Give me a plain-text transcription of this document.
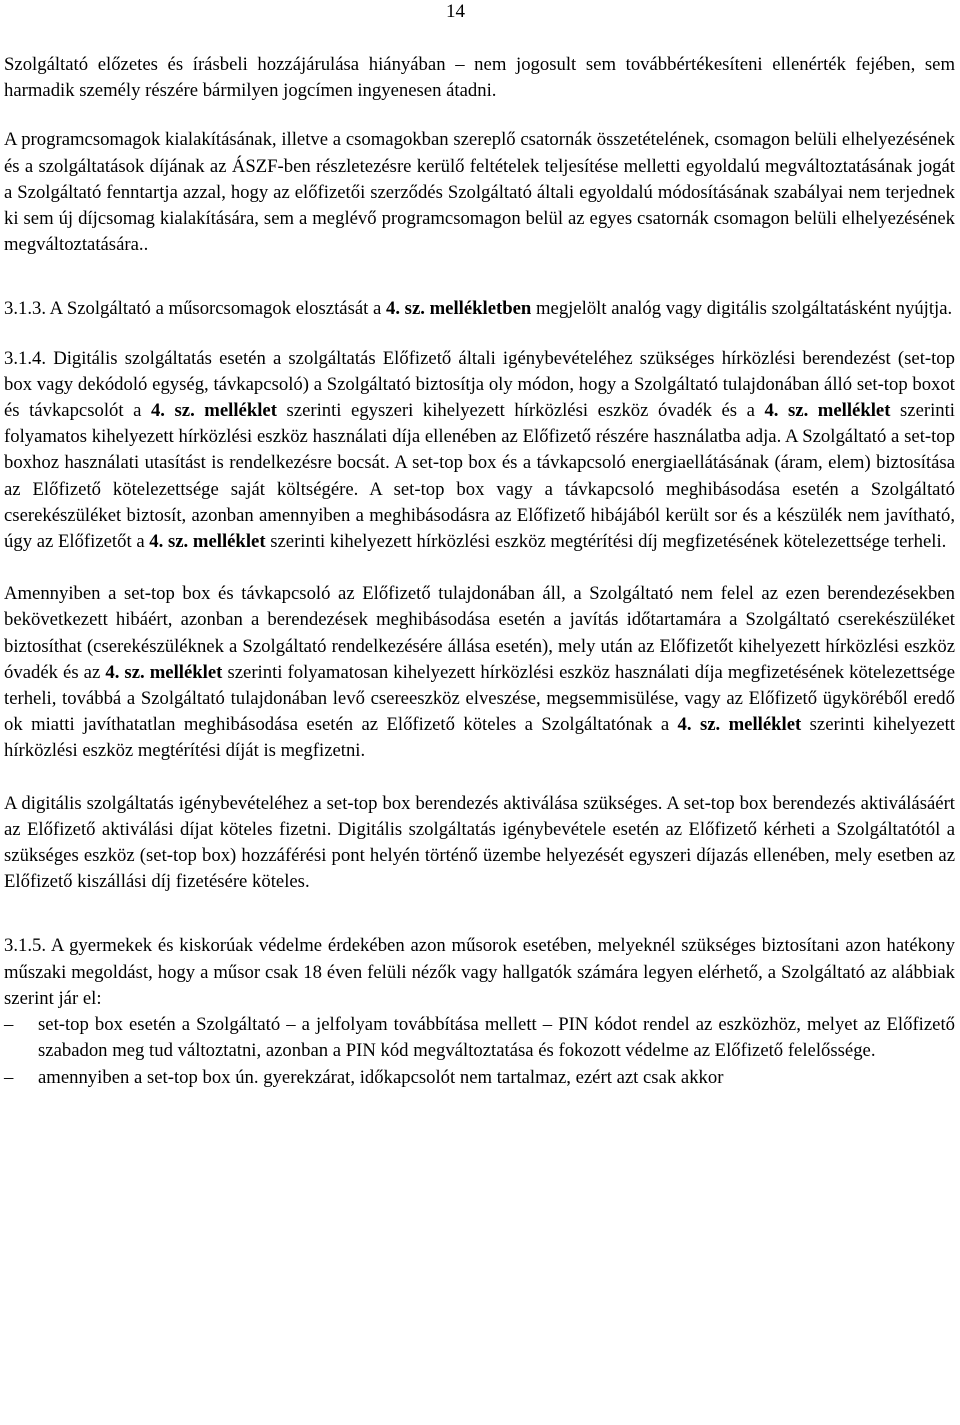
14

Szolgáltató előzetes és írásbeli hozzájárulása hiányában – nem jogosult sem továbbértékesíteni ellenérték fejében, sem harmadik személy részére bármilyen jogcímen ingyenesen átadni.

A programcsomagok kialakításának, illetve a csomagokban szereplő csatornák összetételének, csomagon belüli elhelyezésének és a szolgáltatások díjának az ÁSZF-ben részletezésre kerülő feltételek teljesítése melletti egyoldalú megváltoztatásának jogát a Szolgáltató fenntartja azzal, hogy az előfizetői szerződés Szolgáltató általi egyoldalú módosításának szabályai nem terjednek ki sem új díjcsomag kialakítására, sem a meglévő programcsomagon belül az egyes csatornák csomagon belüli elhelyezésének megváltoztatására..

3.1.3. A Szolgáltató a műsorcsomagok elosztását a 4. sz. mellékletben megjelölt analóg vagy digitális szolgáltatásként nyújtja.

3.1.4. Digitális szolgáltatás esetén a szolgáltatás Előfizető általi igénybevételéhez szükséges hírközlési berendezést (set-top box vagy dekódoló egység, távkapcsoló) a Szolgáltató biztosítja oly módon, hogy a Szolgáltató tulajdonában álló set-top boxot és távkapcsolót a 4. sz. melléklet szerinti egyszeri kihelyezett hírközlési eszköz óvadék és a 4. sz. melléklet szerinti folyamatos kihelyezett hírközlési eszköz használati díja ellenében az Előfizető részére használatba adja. A Szolgáltató a set-top boxhoz használati utasítást is rendelkezésre bocsát. A set-top box és a távkapcsoló energiaellátásának (áram, elem) biztosítása az Előfizető kötelezettsége saját költségére. A set-top box vagy a távkapcsoló meghibásodása esetén a Szolgáltató cserekészüléket biztosít, azonban amennyiben a meghibásodásra az Előfizető hibájából került sor és a készülék nem javítható, úgy az Előfizetőt a 4. sz. melléklet szerinti kihelyezett hírközlési eszköz megtérítési díj megfizetésének kötelezettsége terheli.

Amennyiben a set-top box és távkapcsoló az Előfizető tulajdonában áll, a Szolgáltató nem felel az ezen berendezésekben bekövetkezett hibáért, azonban a berendezések meghibásodása esetén a javítás időtartamára a Szolgáltató cserekészüléket biztosíthat (cserekészüléknek a Szolgáltató rendelkezésére állása esetén), mely után az Előfizetőt kihelyezett hírközlési eszköz óvadék és az 4. sz. melléklet szerinti folyamatosan kihelyezett hírközlési eszköz használati díja megfizetésének kötelezettsége terheli, továbbá a Szolgáltató tulajdonában levő csereeszköz elveszése, megsemmisülése, vagy az Előfizető ügyköréből eredő ok miatti javíthatatlan meghibásodása esetén az Előfizető köteles a Szolgáltatónak a 4. sz. melléklet szerinti kihelyezett hírközlési eszköz megtérítési díját is megfizetni.

A digitális szolgáltatás igénybevételéhez a set-top box berendezés aktiválása szükséges. A set-top box berendezés aktiválásáért az Előfizető aktiválási díjat köteles fizetni. Digitális szolgáltatás igénybevétele esetén az Előfizető kérheti a Szolgáltatótól a szükséges eszköz (set-top box) hozzáférési pont helyén történő üzembe helyezését egyszeri díjazás ellenében, mely esetben az Előfizető kiszállási díj fizetésére köteles.

3.1.5. A gyermekek és kiskorúak védelme érdekében azon műsorok esetében, melyeknél szükséges biztosítani azon hatékony műszaki megoldást, hogy a műsor csak 18 éven felüli nézők vagy hallgatók számára legyen elérhető, a Szolgáltató az alábbiak szerint jár el:

– set-top box esetén a Szolgáltató – a jelfolyam továbbítása mellett – PIN kódot rendel az eszközhöz, melyet az Előfizető szabadon meg tud változtatni, azonban a PIN kód megváltoztatása és fokozott védelme az Előfizető felelőssége.
– amennyiben a set-top box ún. gyerekzárat, időkapcsolót nem tartalmaz, ezért azt csak akkor
